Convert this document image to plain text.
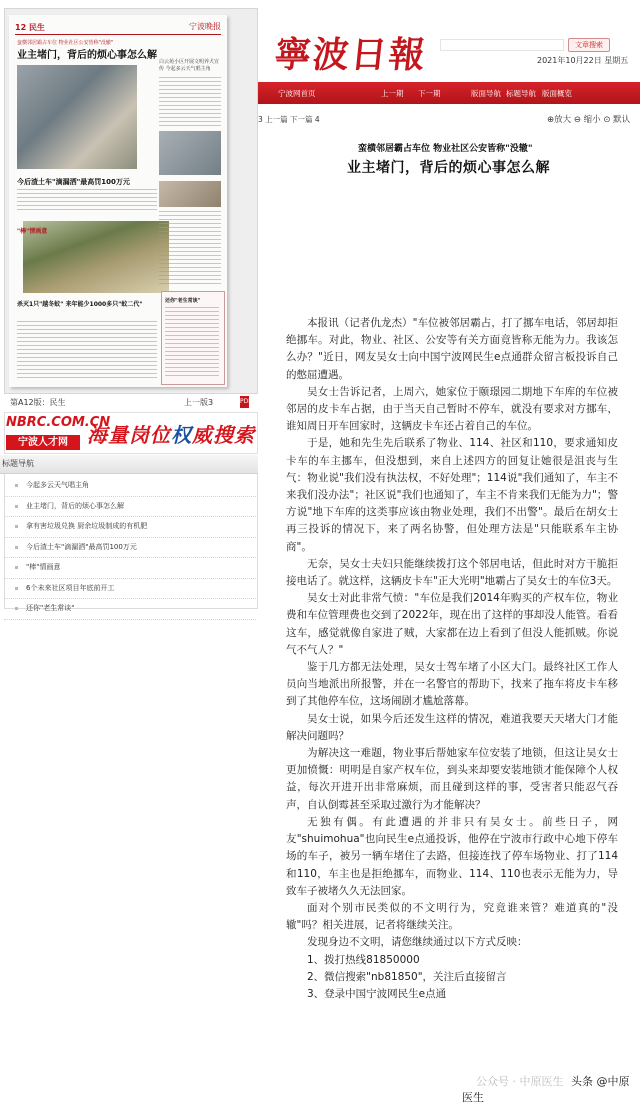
12 民生	宁波晚报
蛮横邻居霸占车位 物业社区公安皆称"没辙"
业主堵门，背后的烦心事怎么解
白云苑小区开展文明养犬宣传 今起多云天气唱主角
今后渣土车"滴漏洒"最高罚100万元
"棒"情画意
杀灭1只"越冬蚊" 来年能少1000多只"蚊二代"	还你"老生常谈"
第A12版：民生	上一版3	PDF
NBRC.COM.CN
宁波人才网 海量岗位权威搜索
标题导航
今起多云天气唱主角
业主堵门，背后的烦心事怎么解
拿有害垃圾兑换 厨余垃圾制成的有机肥
今后渣土车"滴漏洒"最高罚100万元
"棒"情画意
6个未来社区项目年底前开工
还你"老生常谈"
寧波日報	文章搜索
2021年10月22日 星期五
宁波网首页	上一期 下一期	版面导航 标题导航 版面概览
3 上一篇 下一篇 4	⊕放大 ⊖ 缩小 ⊙ 默认
蛮横邻居霸占车位 物业社区公安皆称"没辙"
业主堵门，背后的烦心事怎么解

本报讯（记者仇龙杰）"车位被邻居霸占，打了挪车电话，邻居却拒绝挪车。对此，物业、社区、公安等有关方面竟皆称无能为力。我该怎么办？"近日，网友吴女士向中国宁波网民生e点通群众留言板投诉自己的憋屈遭遇。

吴女士告诉记者，上周六，她家位于颐璟园二期地下车库的车位被邻居的皮卡车占据，由于当天自己暂时不停车，就没有要求对方挪车，谁知周日开车回家时，这辆皮卡车还占着自己的车位。

于是，她和先生先后联系了物业、114、社区和110，要求通知皮卡车的车主挪车，但没想到，来自上述四方的回复让她很是沮丧与生气：物业说"我们没有执法权，不好处理"；114说"我们通知了，车主不来我们没办法"；社区说"我们也通知了，车主不肯来我们无能为力"；警方说"地下车库的这类事应该由物业处理，我们不出警"。最后在胡女士再三投诉的情况下，来了两名协警，但处理方法是"只能联系车主协商"。

无奈，吴女士夫妇只能继续拨打这个邻居电话，但此时对方干脆拒接电话了。就这样，这辆皮卡车"正大光明"地霸占了吴女士的车位3天。

吴女士对此非常气愤："车位是我们2014年购买的产权车位，物业费和车位管理费也交到了2022年，现在出了这样的事却没人能管。看看这车，感觉就像自家进了贼，大家都在边上看到了但没人能抓贼。你说气不气人？"

鉴于几方都无法处理，吴女士驾车堵了小区大门。最终社区工作人员向当地派出所报警，并在一名警官的帮助下，找来了拖车将皮卡车移到了其他停车位，这场闹剧才尴尬落幕。

吴女士说，如果今后还发生这样的情况，难道我要天天堵大门才能解决问题吗？

为解决这一难题，物业事后帮她家车位安装了地锁，但这让吴女士更加愤慨：明明是自家产权车位，到头来却要安装地锁才能保障个人权益，每次开进开出非常麻烦，而且碰到这样的事，受害者只能忍气吞声，自认倒霉甚至采取过激行为才能解决？

无独有偶。有此遭遇的并非只有吴女士。前些日子，网友"shuimohua"也向民生e点通投诉，他停在宁波市行政中心地下停车场的车子，被另一辆车堵住了去路，但接连找了停车场物业、打了114和110，车主也是拒绝挪车，而物业、114、110也表示无能为力，导致车子被堵久久无法回家。

面对个别市民类似的不文明行为，究竟谁来管？难道真的"没辙"吗？相关进展，记者将继续关注。

发现身边不文明，请您继续通过以下方式反映：

1、拨打热线81850000

2、微信搜索"nb81850"，关注后直接留言

3、登录中国宁波网民生e点通

公众号 · 中原医生 头条 @中原医生
